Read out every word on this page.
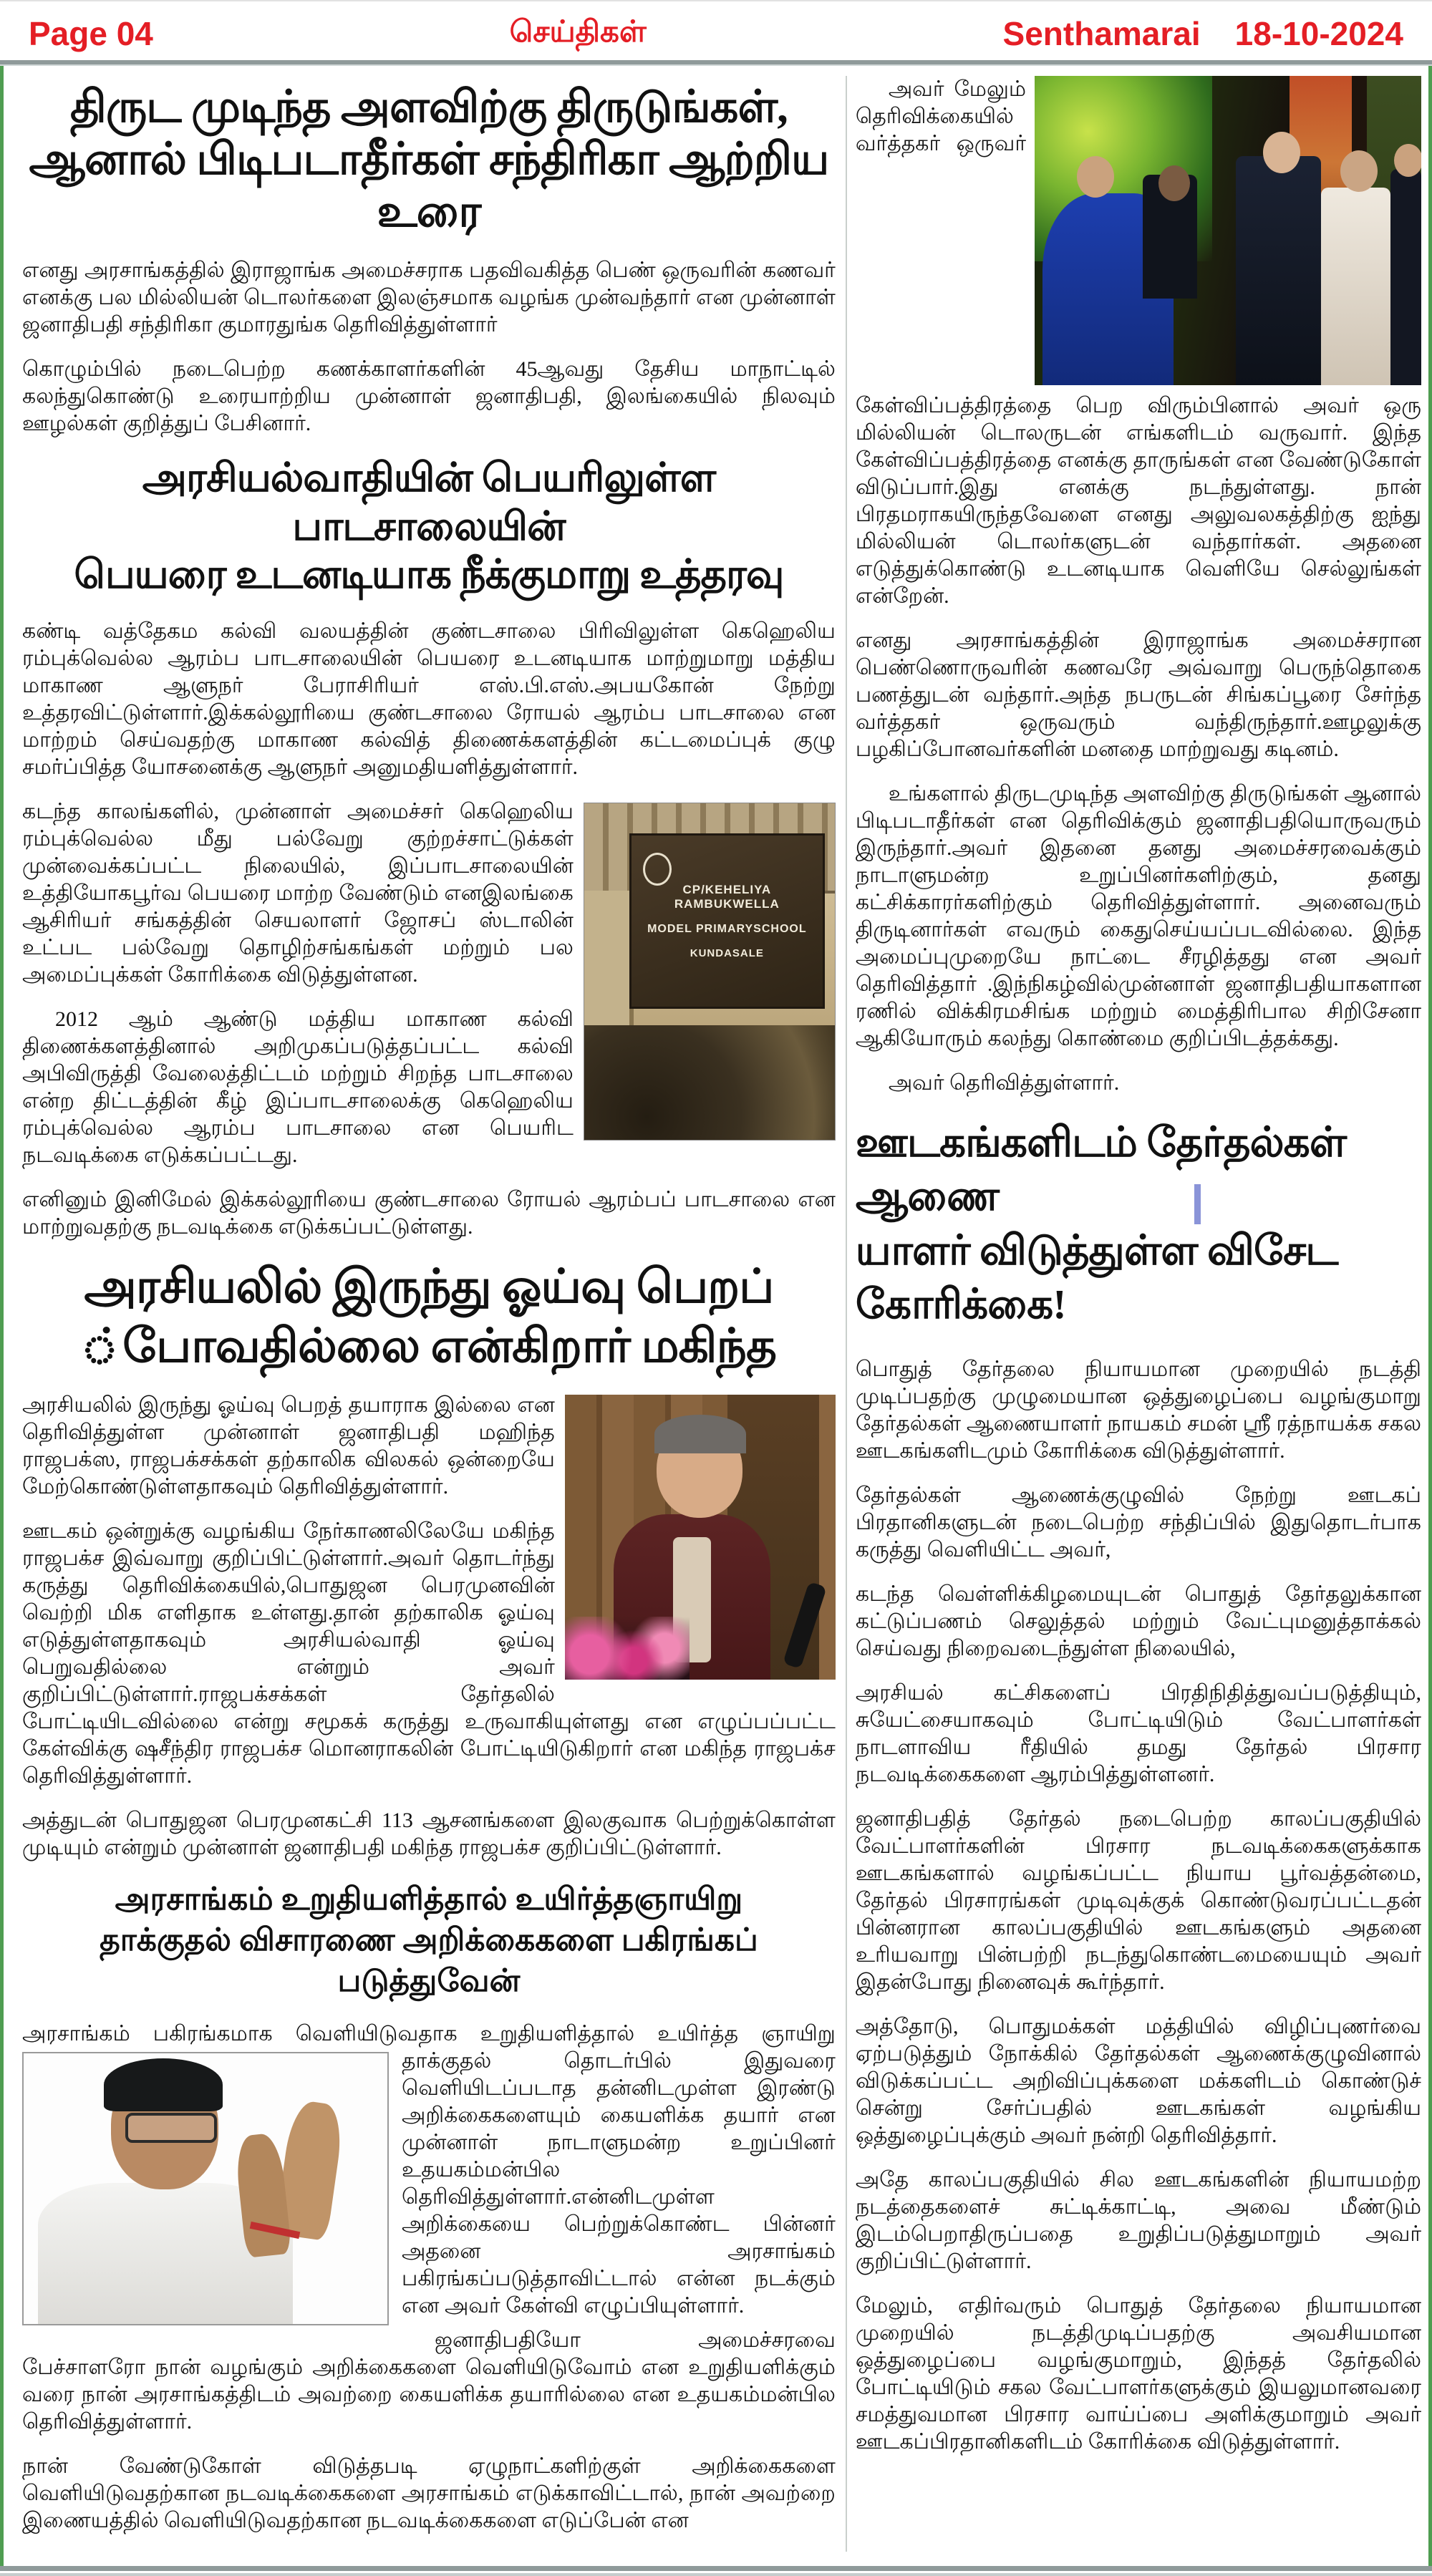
Page 04	செய்திகள்	Senthamarai 18-10-2024
திருட முடிந்த அளவிற்கு திருடுங்கள்,
ஆனால் பிடிபடாதீர்கள் சந்திரிகா ஆற்றிய உரை

எனது அரசாங்கத்தில் இராஜாங்க அமைச்சராக பதவிவகித்த பெண் ஒருவரின் கணவர் எனக்கு பல மில்லியன் டொலர்களை இலஞ்சமாக வழங்க முன்வந்தார் என முன்னாள் ஜனாதிபதி சந்திரிகா குமாரதுங்க தெரிவித்துள்ளார்

கொழும்பில் நடைபெற்ற கணக்காளர்களின் 45ஆவது தேசிய மாநாட்டில் கலந்துகொண்டு உரையாற்றிய முன்னாள் ஜனாதிபதி, இலங்கையில் நிலவும் ஊழல்கள் குறித்துப் பேசினார்.

அரசியல்வாதியின் பெயரிலுள்ள பாடசாலையின்
பெயரை உடனடியாக நீக்குமாறு உத்தரவு

கண்டி வத்தேகம கல்வி வலயத்தின் குண்டசாலை பிரிவிலுள்ள கெஹெலிய ரம்புக்வெல்ல ஆரம்ப பாடசாலையின் பெயரை உடனடியாக மாற்றுமாறு மத்திய மாகாண ஆளுநர் பேராசிரியர் எஸ்.பி.எஸ்.அபயகோன் நேற்று உத்தரவிட்டுள்ளார்.இக்கல்லூரியை குண்டசாலை ரோயல் ஆரம்ப பாடசாலை என மாற்றம் செய்வதற்கு மாகாண கல்வித் திணைக்களத்தின் கட்டமைப்புக் குழு சமர்ப்பித்த யோசனைக்கு ஆளுநர் அனுமதியளித்துள்ளார்.

CP/KEHELIYA RAMBUKWELLA
MODEL PRIMARYSCHOOL
KUNDASALE

கடந்த காலங்களில், முன்னாள் அமைச்சர் கெஹெலிய ரம்புக்வெல்ல மீது பல்வேறு குற்றச்சாட்டுக்கள் முன்வைக்கப்பட்ட நிலையில், இப்பாடசாலையின் உத்தியோகபூர்வ பெயரை மாற்ற வேண்டும் எனஇலங்கை ஆசிரியர் சங்கத்தின் செயலாளர் ஜோசப் ஸ்டாலின் உட்பட பல்வேறு தொழிற்சங்கங்கள் மற்றும் பல அமைப்புக்கள் கோரிக்கை விடுத்துள்ளன.

2012 ஆம் ஆண்டு மத்திய மாகாண கல்வி திணைக்களத்தினால் அறிமுகப்படுத்தப்பட்ட கல்வி அபிவிருத்தி வேலைத்திட்டம் மற்றும் சிறந்த பாடசாலை என்ற திட்டத்தின் கீழ் இப்பாடசாலைக்கு கெஹெலிய ரம்புக்வெல்ல ஆரம்ப பாடசாலை என பெயரிட நடவடிக்கை எடுக்கப்பட்டது.

எனினும் இனிமேல் இக்கல்லூரியை குண்டசாலை ரோயல் ஆரம்பப் பாடசாலை என மாற்றுவதற்கு நடவடிக்கை எடுக்கப்பட்டுள்ளது.

அரசியலில் இருந்து ஓய்வு பெறப்
்போவதில்லை என்கிறார் மகிந்த

அரசியலில் இருந்து ஓய்வு பெறத் தயாராக இல்லை என தெரிவித்துள்ள முன்னாள் ஜனாதிபதி மஹிந்த ராஜபக்ஸ, ராஜபக்சக்கள் தற்காலிக விலகல் ஒன்றையே மேற்கொண்டுள்ளதாகவும் தெரிவித்துள்ளார்.

ஊடகம் ஒன்றுக்கு வழங்கிய நேர்காணலிலேயே மகிந்த ராஜபக்ச இவ்வாறு குறிப்பிட்டுள்ளார்.அவர் தொடர்ந்து கருத்து தெரிவிக்கையில்,பொதுஜன பெரமுனவின் வெற்றி மிக எளிதாக உள்ளது.தான் தற்காலிக ஓய்வு எடுத்துள்ளதாகவும் அரசியல்வாதி ஓய்வு பெறுவதில்லை என்றும் அவர் குறிப்பிட்டுள்ளார்.ராஜபக்சக்கள் தேர்தலில் போட்டியிடவில்லை என்று சமூகக் கருத்து உருவாகியுள்ளது என எழுப்பப்பட்ட கேள்விக்கு ஷசீந்திர ராஜபக்ச மொனராகலின் போட்டியிடுகிறார் என மகிந்த ராஜபக்ச தெரிவித்துள்ளார்.

அத்துடன் பொதுஜன பெரமுனகட்சி 113 ஆசனங்களை இலகுவாக பெற்றுக்கொள்ள முடியும் என்றும் முன்னாள் ஜனாதிபதி மகிந்த ராஜபக்ச குறிப்பிட்டுள்ளார்.

அரசாங்கம் உறுதியளித்தால் உயிர்த்தஞாயிறு
தாக்குதல் விசாரணை அறிக்கைகளை பகிரங்கப் படுத்துவேன்

அரசாங்கம் பகிரங்கமாக வெளியிடுவதாக உறுதியளித்தால் உயிர்த்த ஞாயிறு தாக்குதல் தொடர்பில்	இதுவரை வெளியிடப்படாத தன்னிடமுள்ள இரண்டு அறிக்கைகளையும் கையளிக்க தயார் என முன்னாள் நாடாளுமன்ற உறுப்பினர் உதயகம்மன்பில தெரிவித்துள்ளார்.என்னிடமுள்ள அறிக்கையை பெற்றுக்கொண்ட பின்னர் அதனை அரசாங்கம் பகிரங்கப்படுத்தாவிட்டால் என்ன நடக்கும் என அவர் கேள்வி எழுப்பியுள்ளார்.

ஜனாதிபதியோ அமைச்சரவை பேச்சாளரோ நான் வழங்கும் அறிக்கைகளை வெளியிடுவோம் என உறுதியளிக்கும் வரை நான் அரசாங்கத்திடம் அவற்றை கையளிக்க தயாரில்லை என உதயகம்மன்பில தெரிவித்துள்ளார்.

நான் வேண்டுகோள் விடுத்தபடி ஏழுநாட்களிற்குள் அறிக்கைகளை வெளியிடுவதற்கான நடவடிக்கைகளை அரசாங்கம் எடுக்காவிட்டால், நான் அவற்றை இணையத்தில் வெளியிடுவதற்கான நடவடிக்கைகளை எடுப்பேன் என

அவர் மேலும் தெரிவிக்கையில் வர்த்தகர் ஒருவர் கேள்விப்பத்திரத்தை பெற விரும்பினால் அவர் ஒரு மில்லியன் டொலருடன் எங்களிடம் வருவார். இந்த கேள்விப்பத்திரத்தை எனக்கு தாருங்கள் என வேண்டுகோள் விடுப்பார்.இது எனக்கு நடந்துள்ளது. நான் பிரதமராகயிருந்தவேளை எனது அலுவலகத்திற்கு ஐந்து மில்லியன் டொலர்களுடன் வந்தார்கள். அதனை எடுத்துக்கொண்டு உடனடியாக வெளியே செல்லுங்கள் என்றேன்.

எனது அரசாங்கத்தின் இராஜாங்க அமைச்சரான பெண்ணொருவரின் கணவரே அவ்வாறு பெருந்தொகை பணத்துடன் வந்தார்.அந்த நபருடன் சிங்கப்பூரை சேர்ந்த வர்த்தகர் ஒருவரும் வந்திருந்தார்.ஊழலுக்கு பழகிப்போனவர்களின் மனதை மாற்றுவது கடினம்.

உங்களால் திருடமுடிந்த அளவிற்கு திருடுங்கள் ஆனால் பிடிபடாதீர்கள் என தெரிவிக்கும் ஜனாதிபதியொருவரும் இருந்தார்.அவர் இதனை தனது அமைச்சரவைக்கும் நாடாளுமன்ற உறுப்பினர்களிற்கும், தனது கட்சிக்காரர்களிற்கும் தெரிவித்துள்ளார். அனைவரும் திருடினார்கள் எவரும் கைதுசெய்யப்படவில்லை. இந்த அமைப்புமுறையே நாட்டை சீரழித்தது என அவர் தெரிவித்தார் .இந்நிகழ்வில்முன்னாள் ஜனாதிபதியாகளான ரணில் விக்கிரமசிங்க மற்றும் மைத்திரிபால சிறிசேனா ஆகியோரும் கலந்து கொண்மை குறிப்பிடத்தக்கது.

அவர் தெரிவித்துள்ளார்.

ஊடகங்களிடம் தேர்தல்கள் ஆணை
யாளர் விடுத்துள்ள விசேட கோரிக்கை!

பொதுத் தேர்தலை நியாயமான முறையில் நடத்தி முடிப்பதற்கு முழுமையான ஒத்துழைப்பை வழங்குமாறு தேர்தல்கள் ஆணையாளர் நாயகம் சமன் ஸ்ரீ ரத்நாயக்க சகல ஊடகங்களிடமும் கோரிக்கை விடுத்துள்ளார்.

தேர்தல்கள் ஆணைக்குழுவில் நேற்று ஊடகப் பிரதானிகளுடன் நடைபெற்ற சந்திப்பில் இதுதொடர்பாக கருத்து வெளியிட்ட அவர்,

கடந்த வெள்ளிக்கிழமையுடன் பொதுத் தேர்தலுக்கான கட்டுப்பணம் செலுத்தல் மற்றும் வேட்புமனுத்தாக்கல் செய்வது நிறைவடைந்துள்ள நிலையில்,

அரசியல் கட்சிகளைப் பிரதிநிதித்துவப்படுத்தியும், சுயேட்சையாகவும் போட்டியிடும் வேட்பாளர்கள் நாடளாவிய ரீதியில் தமது தேர்தல் பிரசார நடவடிக்கைகளை ஆரம்பித்துள்ளனர்.

ஜனாதிபதித் தேர்தல் நடைபெற்ற காலப்பகுதியில் வேட்பாளர்களின் பிரசார நடவடிக்கைகளுக்காக ஊடகங்களால் வழங்கப்பட்ட நியாய பூர்வத்தன்மை, தேர்தல் பிரசாரங்கள் முடிவுக்குக் கொண்டுவரப்பட்டதன் பின்னரான காலப்பகுதியில் ஊடகங்களும் அதனை உரியவாறு பின்பற்றி நடந்துகொண்டமையையும் அவர் இதன்போது நினைவுக் கூர்ந்தார்.

அத்தோடு, பொதுமக்கள் மத்தியில் விழிப்புணர்வை ஏற்படுத்தும் நோக்கில் தேர்தல்கள் ஆணைக்குழுவினால் விடுக்கப்பட்ட அறிவிப்புக்களை மக்களிடம் கொண்டுச் சென்று சேர்ப்பதில் ஊடகங்கள் வழங்கிய ஒத்துழைப்புக்கும் அவர் நன்றி தெரிவித்தார்.

அதே காலப்பகுதியில் சில ஊடகங்களின் நியாயமற்ற நடத்தைகளைச் சுட்டிக்காட்டி, அவை மீண்டும் இடம்பெறாதிருப்பதை உறுதிப்படுத்துமாறும் அவர் குறிப்பிட்டுள்ளார்.

மேலும், எதிர்வரும் பொதுத் தேர்தலை நியாயமான முறையில் நடத்திமுடிப்பதற்கு அவசியமான ஒத்துழைப்பை வழங்குமாறும், இந்தத் தேர்தலில் போட்டியிடும் சகல வேட்பாளர்களுக்கும் இயலுமானவரை சமத்துவமான பிரசார வாய்ப்பை அளிக்குமாறும் அவர் ஊடகப்பிரதானிகளிடம் கோரிக்கை விடுத்துள்ளார்.
